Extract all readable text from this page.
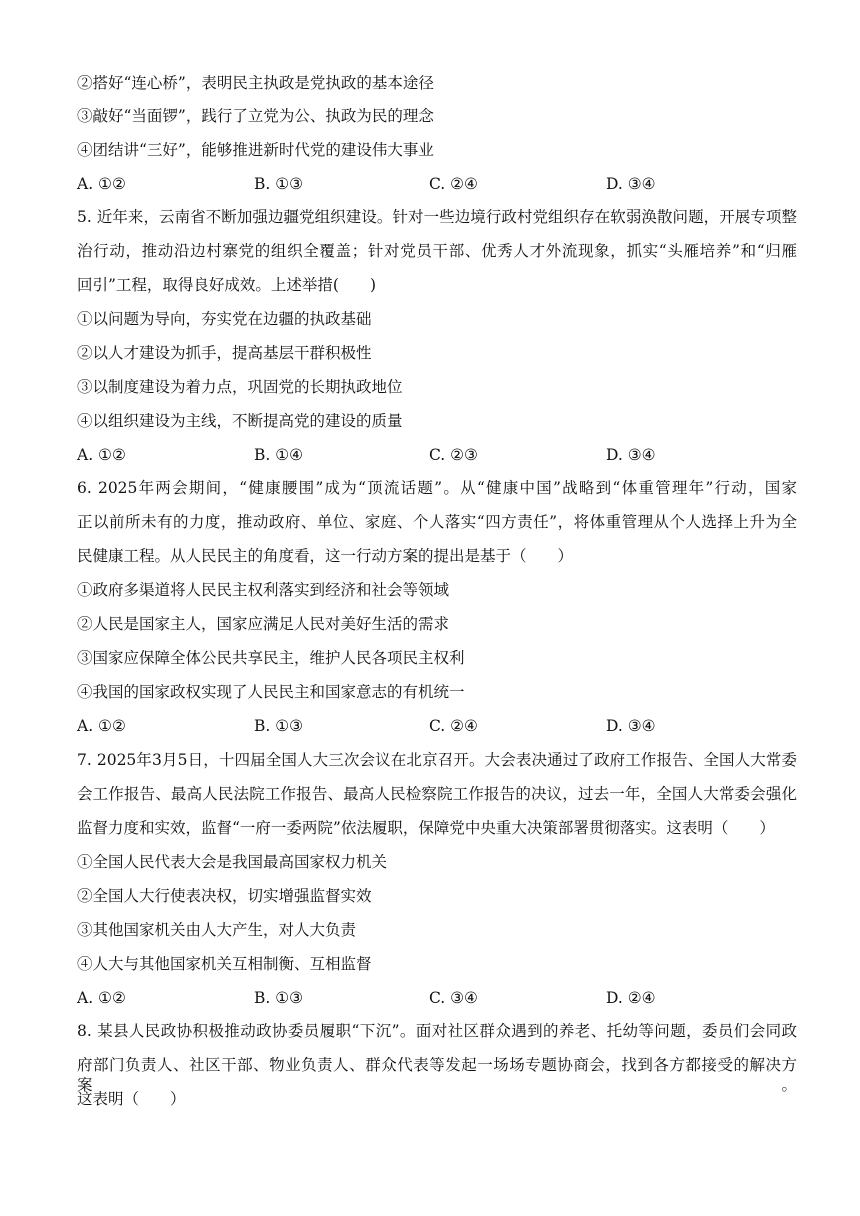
②搭好“连心桥”，表明民主执政是党执政的基本途径
③敲好“当面锣”，践行了立党为公、执政为民的理念
④团结讲“三好”，能够推进新时代党的建设伟大事业
A. ①②	B. ①③	C. ②④	D. ③④
5. 近年来，云南省不断加强边疆党组织建设。针对一些边境行政村党组织存在软弱涣散问题，开展专项整
治行动，推动沿边村寨党的组织全覆盖；针对党员干部、优秀人才外流现象，抓实“头雁培养”和“归雁
回引”工程，取得良好成效。上述举措(　　)
①以问题为导向，夯实党在边疆的执政基础
②以人才建设为抓手，提高基层干群积极性
③以制度建设为着力点，巩固党的长期执政地位
④以组织建设为主线，不断提高党的建设的质量
A. ①②	B. ①④	C. ②③	D. ③④
6. 2025年两会期间，“健康腰围”成为“顶流话题”。从“健康中国”战略到“体重管理年”行动，国家
正以前所未有的力度，推动政府、单位、家庭、个人落实“四方责任”，将体重管理从个人选择上升为全
民健康工程。从人民民主的角度看，这一行动方案的提出是基于（　　）
①政府多渠道将人民民主权利落实到经济和社会等领域
②人民是国家主人，国家应满足人民对美好生活的需求
③国家应保障全体公民共享民主，维护人民各项民主权利
④我国的国家政权实现了人民民主和国家意志的有机统一
A. ①②	B. ①③	C. ②④	D. ③④
7. 2025年3月5日，十四届全国人大三次会议在北京召开。大会表决通过了政府工作报告、全国人大常委
会工作报告、最高人民法院工作报告、最高人民检察院工作报告的决议，过去一年，全国人大常委会强化
监督力度和实效，监督“一府一委两院”依法履职，保障党中央重大决策部署贯彻落实。这表明（　　）
①全国人民代表大会是我国最高国家权力机关
②全国人大行使表决权，切实增强监督实效
③其他国家机关由人大产生，对人大负责
④人大与其他国家机关互相制衡、互相监督
A. ①②	B. ①③	C. ③④	D. ②④
8. 某县人民政协积极推动政协委员履职“下沉”。面对社区群众遇到的养老、托幼等问题，委员们会同政
府部门负责人、社区干部、物业负责人、群众代表等发起一场场专题协商会，找到各方都接受的解决方案。
这表明（　　）
